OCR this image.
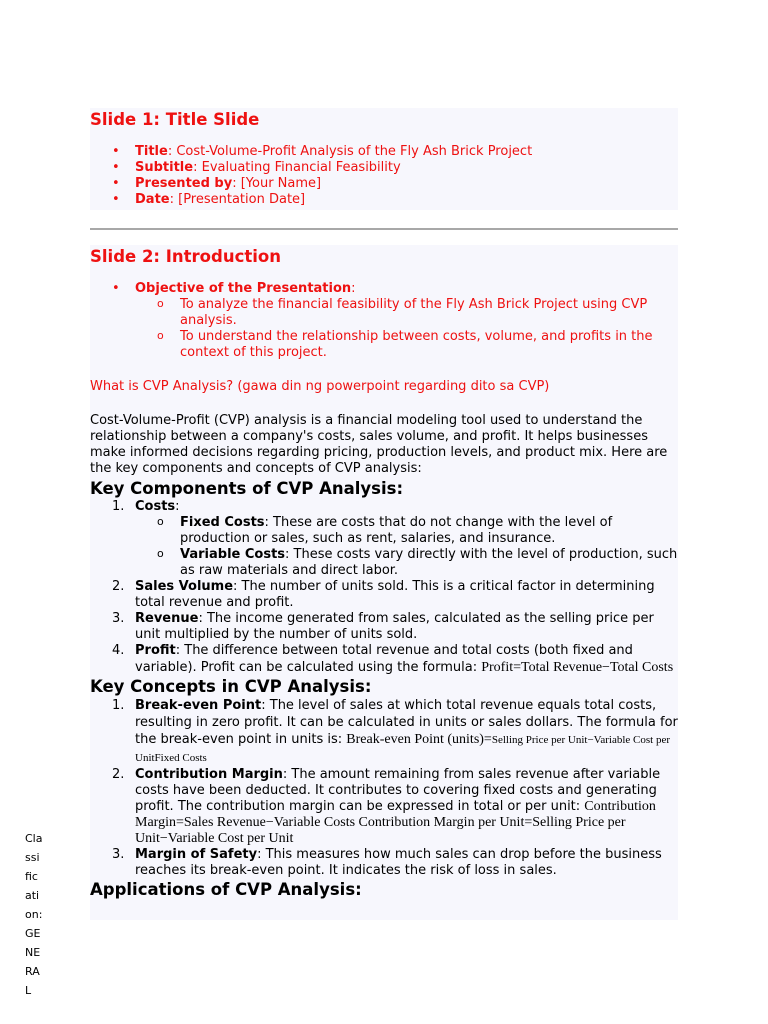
Slide 1: Title Slide
• Title: Cost-Volume-Profit Analysis of the Fly Ash Brick Project
• Subtitle: Evaluating Financial Feasibility
• Presented by: [Your Name]
• Date: [Presentation Date]
Slide 2: Introduction
• Objective of the Presentation:
o To analyze the financial feasibility of the Fly Ash Brick Project using CVP analysis.
o To understand the relationship between costs, volume, and profits in the context of this project.

What is CVP Analysis? (gawa din ng powerpoint regarding dito sa CVP)

Cost-Volume-Profit (CVP) analysis is a financial modeling tool used to understand the relationship between a company's costs, sales volume, and profit. It helps businesses make informed decisions regarding pricing, production levels, and product mix. Here are the key components and concepts of CVP analysis:

Key Components of CVP Analysis:
1. Costs:
o Fixed Costs: These are costs that do not change with the level of production or sales, such as rent, salaries, and insurance.
o Variable Costs: These costs vary directly with the level of production, such as raw materials and direct labor.
2. Sales Volume: The number of units sold. This is a critical factor in determining total revenue and profit.
3. Revenue: The income generated from sales, calculated as the selling price per unit multiplied by the number of units sold.
4. Profit: The difference between total revenue and total costs (both fixed and variable). Profit can be calculated using the formula: Profit=Total Revenue−Total Costs
Key Concepts in CVP Analysis:
1. Break-even Point: The level of sales at which total revenue equals total costs, resulting in zero profit. It can be calculated in units or sales dollars. The formula for the break-even point in units is: Break-even Point (units)=Selling Price per Unit−Variable Cost per UnitFixed Costs
2. Contribution Margin: The amount remaining from sales revenue after variable costs have been deducted. It contributes to covering fixed costs and generating profit. The contribution margin can be expressed in total or per unit: Contribution Margin=Sales Revenue−Variable Costs Contribution Margin per Unit=Selling Price per Unit−Variable Cost per Unit
3. Margin of Safety: This measures how much sales can drop before the business reaches its break-even point. It indicates the risk of loss in sales.
Applications of CVP Analysis:
Cla
ssi
fic
ati
on:
GE
NE
RA
L
